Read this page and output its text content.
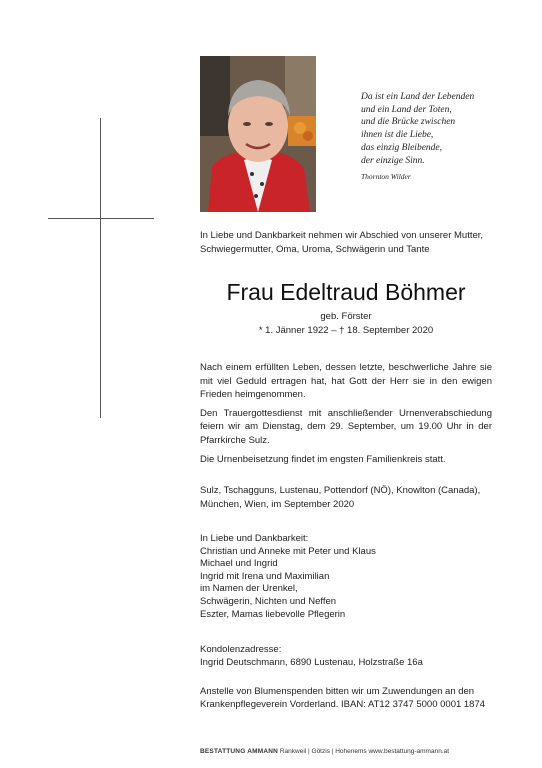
Da ist ein Land der Lebenden
und ein Land der Toten,
und die Brücke zwischen
ihnen ist die Liebe,
das einzig Bleibende,
der einzige Sinn.
Thornton Wilder
In Liebe und Dankbarkeit nehmen wir Abschied von unserer Mutter, Schwiegermutter, Oma, Uroma, Schwägerin und Tante
Frau Edeltraud Böhmer
geb. Förster
* 1. Jänner 1922 – † 18. September 2020

Nach einem erfüllten Leben, dessen letzte, beschwerliche Jahre sie mit viel Geduld ertragen hat, hat Gott der Herr sie in den ewigen Frieden heimgenommen.

Den Trauergottesdienst mit anschließender Urnenverabschiedung feiern wir am Dienstag, dem 29. September, um 19.00 Uhr in der Pfarrkirche Sulz.

Die Urnenbeisetzung findet im engsten Familienkreis statt.

Sulz, Tschagguns, Lustenau, Pottendorf (NÖ), Knowlton (Canada),
München, Wien, im September 2020
In Liebe und Dankbarkeit:
Christian und Anneke mit Peter und Klaus
Michael und Ingrid
Ingrid mit Irena und Maximilian
im Namen der Urenkel,
Schwägerin, Nichten und Neffen
Eszter, Mamas liebevolle Pflegerin
Kondolenzadresse:
Ingrid Deutschmann, 6890 Lustenau, Holzstraße 16a
Anstelle von Blumenspenden bitten wir um Zuwendungen an den
Krankenpflegeverein Vorderland. IBAN: AT12 3747 5000 0001 1874
BESTATTUNG AMMANN Rankweil | Götzis | Hohenems www.bestattung-ammann.at
